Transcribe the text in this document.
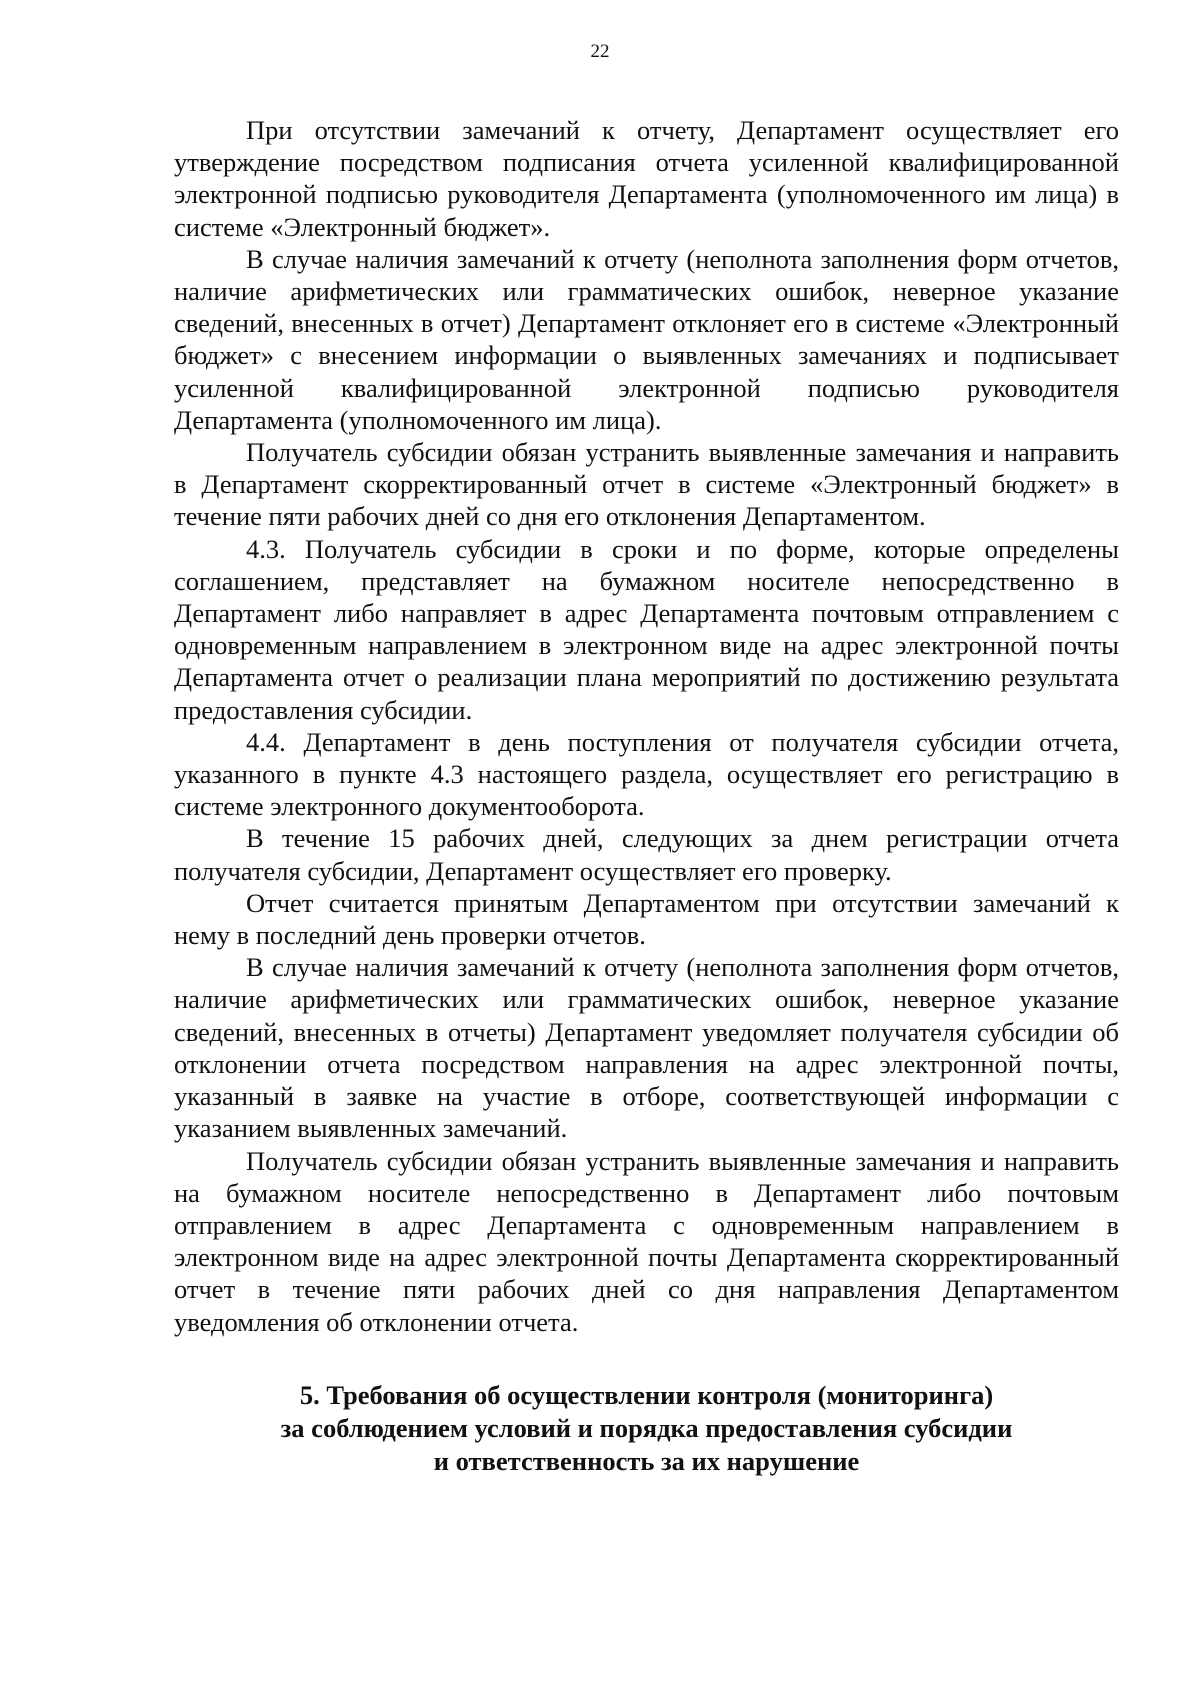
22

При отсутствии замечаний к отчету, Департамент осуществляет его утверждение посредством подписания отчета усиленной квалифицированной электронной подписью руководителя Департамента (уполномоченного им лица) в системе «Электронный бюджет».

В случае наличия замечаний к отчету (неполнота заполнения форм отчетов, наличие арифметических или грамматических ошибок, неверное указание сведений, внесенных в отчет) Департамент отклоняет его в системе «Электронный бюджет» с внесением информации о выявленных замечаниях и подписывает усиленной квалифицированной электронной подписью руководителя Департамента (уполномоченного им лица).

Получатель субсидии обязан устранить выявленные замечания и направить в Департамент скорректированный отчет в системе «Электронный бюджет» в течение пяти рабочих дней со дня его отклонения Департаментом.

4.3. Получатель субсидии в сроки и по форме, которые определены соглашением, представляет на бумажном носителе непосредственно в Департамент либо направляет в адрес Департамента почтовым отправлением с одновременным направлением в электронном виде на адрес электронной почты Департамента отчет о реализации плана мероприятий по достижению результата предоставления субсидии.

4.4. Департамент в день поступления от получателя субсидии отчета, указанного в пункте 4.3 настоящего раздела, осуществляет его регистрацию в системе электронного документооборота.

В течение 15 рабочих дней, следующих за днем регистрации отчета получателя субсидии, Департамент осуществляет его проверку.

Отчет считается принятым Департаментом при отсутствии замечаний к нему в последний день проверки отчетов.

В случае наличия замечаний к отчету (неполнота заполнения форм отчетов, наличие арифметических или грамматических ошибок, неверное указание сведений, внесенных в отчеты) Департамент уведомляет получателя субсидии об отклонении отчета посредством направления на адрес электронной почты, указанный в заявке на участие в отборе, соответствующей информации с указанием выявленных замечаний.

Получатель субсидии обязан устранить выявленные замечания и направить на бумажном носителе непосредственно в Департамент либо почтовым отправлением в адрес Департамента с одновременным направлением в электронном виде на адрес электронной почты Департамента скорректированный отчет в течение пяти рабочих дней со дня направления Департаментом уведомления об отклонении отчета.

5. Требования об осуществлении контроля (мониторинга)
за соблюдением условий и порядка предоставления субсидии
и ответственность за их нарушение
